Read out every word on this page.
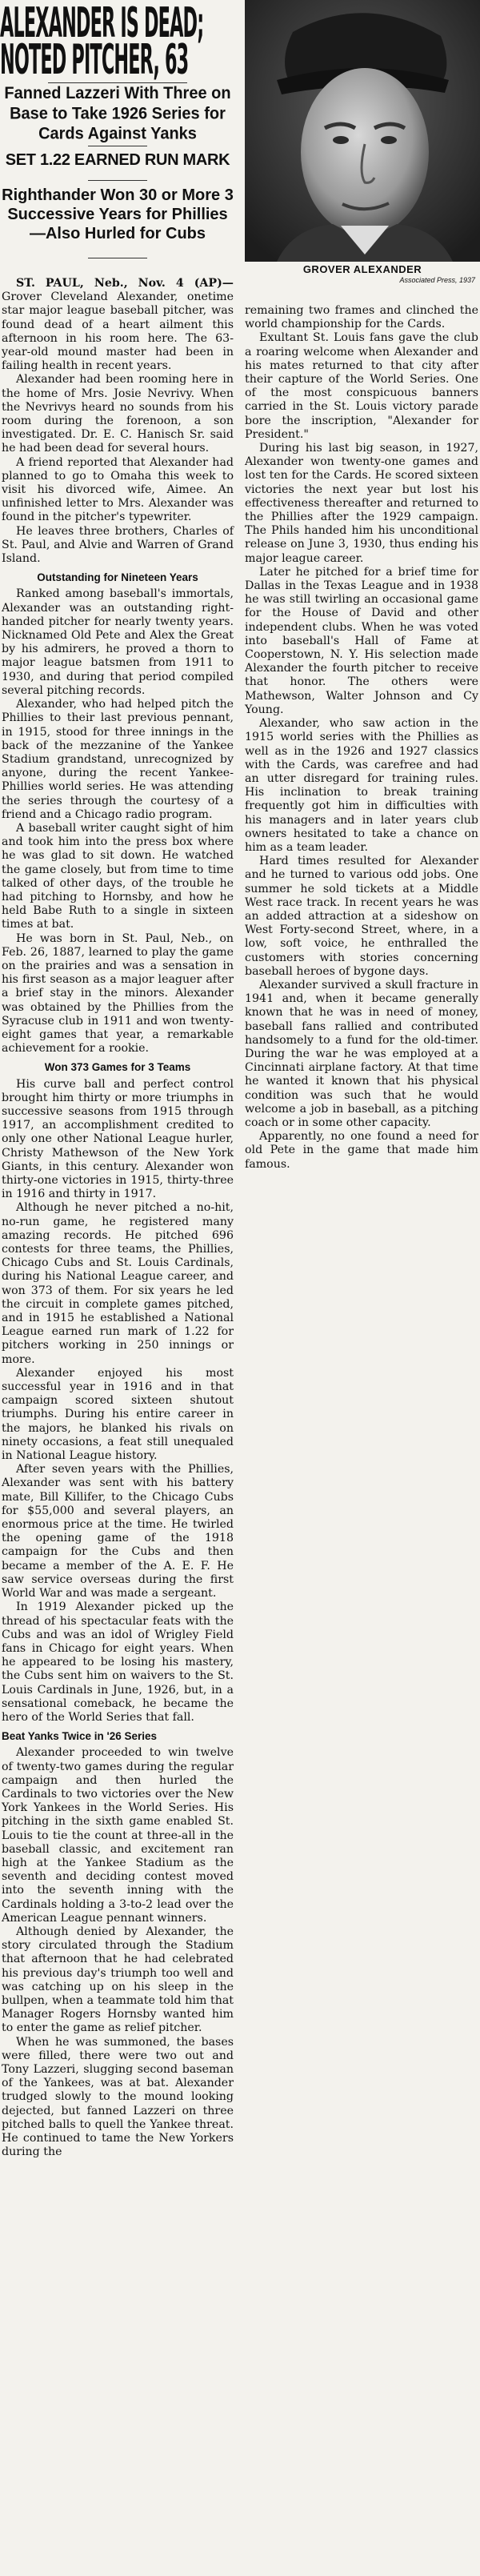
ALEXANDER IS DEAD;
NOTED PITCHER, 63
Fanned Lazzeri With Three on Base to Take 1926 Series for Cards Against Yanks
SET 1.22 EARNED RUN MARK
Righthander Won 30 or More 3 Successive Years for Phillies —Also Hurled for Cubs
GROVER ALEXANDER
Associated Press, 1937

ST. PAUL, Neb., Nov. 4 (AP)— Grover Cleveland Alexander, onetime star major league baseball pitcher, was found dead of a heart ailment this afternoon in his room here. The 63-year-old mound master had been in failing health in recent years.

Alexander had been rooming here in the home of Mrs. Josie Nevrivy. When the Nevrivys heard no sounds from his room during the forenoon, a son investigated. Dr. E. C. Hanisch Sr. said he had been dead for several hours.

A friend reported that Alexander had planned to go to Omaha this week to visit his divorced wife, Aimee. An unfinished letter to Mrs. Alexander was found in the pitcher's typewriter.

He leaves three brothers, Charles of St. Paul, and Alvie and Warren of Grand Island.

Outstanding for Nineteen Years

Ranked among baseball's immortals, Alexander was an outstanding right-handed pitcher for nearly twenty years. Nicknamed Old Pete and Alex the Great by his admirers, he proved a thorn to major league batsmen from 1911 to 1930, and during that period compiled several pitching records.

Alexander, who had helped pitch the Phillies to their last previous pennant, in 1915, stood for three innings in the back of the mezzanine of the Yankee Stadium grandstand, unrecognized by anyone, during the recent Yankee-Phillies world series. He was attending the series through the courtesy of a friend and a Chicago radio program.

A baseball writer caught sight of him and took him into the press box where he was glad to sit down. He watched the game closely, but from time to time talked of other days, of the trouble he had pitching to Hornsby, and how he held Babe Ruth to a single in sixteen times at bat.

He was born in St. Paul, Neb., on Feb. 26, 1887, learned to play the game on the prairies and was a sensation in his first season as a major leaguer after a brief stay in the minors. Alexander was obtained by the Phillies from the Syracuse club in 1911 and won twenty-eight games that year, a remarkable achievement for a rookie.

Won 373 Games for 3 Teams

His curve ball and perfect control brought him thirty or more triumphs in successive seasons from 1915 through 1917, an accomplishment credited to only one other National League hurler, Christy Mathewson of the New York Giants, in this century. Alexander won thirty-one victories in 1915, thirty-three in 1916 and thirty in 1917.

Although he never pitched a no-hit, no-run game, he registered many amazing records. He pitched 696 contests for three teams, the Phillies, Chicago Cubs and St. Louis Cardinals, during his National League career, and won 373 of them. For six years he led the circuit in complete games pitched, and in 1915 he established a National League earned run mark of 1.22 for pitchers working in 250 innings or more.

Alexander enjoyed his most successful year in 1916 and in that campaign scored sixteen shutout triumphs. During his entire career in the majors, he blanked his rivals on ninety occasions, a feat still unequaled in National League history.

After seven years with the Phillies, Alexander was sent with his battery mate, Bill Killifer, to the Chicago Cubs for $55,000 and several players, an enormous price at the time. He twirled the opening game of the 1918 campaign for the Cubs and then became a member of the A. E. F. He saw service overseas during the first World War and was made a sergeant.

In 1919 Alexander picked up the thread of his spectacular feats with the Cubs and was an idol of Wrigley Field fans in Chicago for eight years. When he appeared to be losing his mastery, the Cubs sent him on waivers to the St. Louis Cardinals in June, 1926, but, in a sensational comeback, he became the hero of the World Series that fall.

Beat Yanks Twice in '26 Series

Alexander proceeded to win twelve of twenty-two games during the regular campaign and then hurled the Cardinals to two victories over the New York Yankees in the World Series. His pitching in the sixth game enabled St. Louis to tie the count at three-all in the baseball classic, and excitement ran high at the Yankee Stadium as the seventh and deciding contest moved into the seventh inning with the Cardinals holding a 3-to-2 lead over the American League pennant winners.

Although denied by Alexander, the story circulated through the Stadium that afternoon that he had celebrated his previous day's triumph too well and was catching up on his sleep in the bullpen, when a teammate told him that Manager Rogers Hornsby wanted him to enter the game as relief pitcher.

When he was summoned, the bases were filled, there were two out and Tony Lazzeri, slugging second baseman of the Yankees, was at bat. Alexander trudged slowly to the mound looking dejected, but fanned Lazzeri on three pitched balls to quell the Yankee threat. He continued to tame the New Yorkers during the

remaining two frames and clinched the world championship for the Cards.

Exultant St. Louis fans gave the club a roaring welcome when Alexander and his mates returned to that city after their capture of the World Series. One of the most conspicuous banners carried in the St. Louis victory parade bore the inscription, "Alexander for President."

During his last big season, in 1927, Alexander won twenty-one games and lost ten for the Cards. He scored sixteen victories the next year but lost his effectiveness thereafter and returned to the Phillies after the 1929 campaign. The Phils handed him his unconditional release on June 3, 1930, thus ending his major league career.

Later he pitched for a brief time for Dallas in the Texas League and in 1938 he was still twirling an occasional game for the House of David and other independent clubs. When he was voted into baseball's Hall of Fame at Cooperstown, N. Y. His selection made Alexander the fourth pitcher to receive that honor. The others were Mathewson, Walter Johnson and Cy Young.

Alexander, who saw action in the 1915 world series with the Phillies as well as in the 1926 and 1927 classics with the Cards, was carefree and had an utter disregard for training rules. His inclination to break training frequently got him in difficulties with his managers and in later years club owners hesitated to take a chance on him as a team leader.

Hard times resulted for Alexander and he turned to various odd jobs. One summer he sold tickets at a Middle West race track. In recent years he was an added attraction at a sideshow on West Forty-second Street, where, in a low, soft voice, he enthralled the customers with stories concerning baseball heroes of bygone days.

Alexander survived a skull fracture in 1941 and, when it became generally known that he was in need of money, baseball fans rallied and contributed handsomely to a fund for the old-timer. During the war he was employed at a Cincinnati airplane factory. At that time he wanted it known that his physical condition was such that he would welcome a job in baseball, as a pitching coach or in some other capacity.

Apparently, no one found a need for old Pete in the game that made him famous.
